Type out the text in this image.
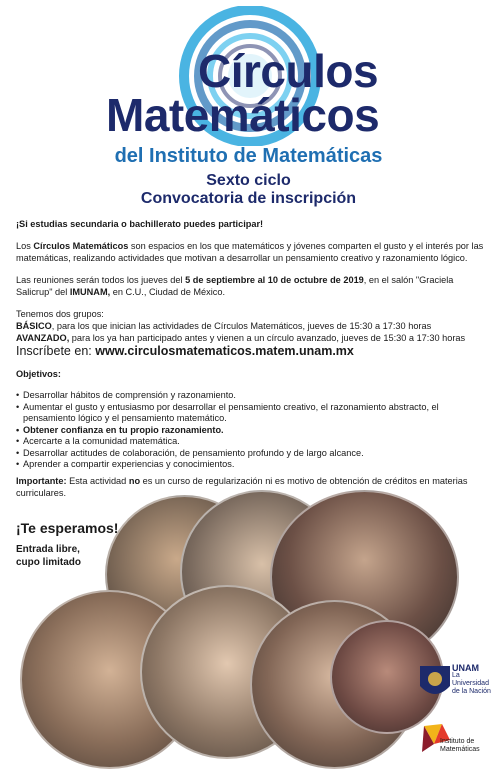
Círculos
Matemáticos
del Instituto de Matemáticas
Sexto ciclo
Convocatoria de inscripción
¡Si estudias secundaria o bachillerato puedes participar!
Los Círculos Matemáticos son espacios en los que matemáticos y jóvenes comparten el gusto y el interés por las matemáticas, realizando actividades que motivan a desarrollar un pensamiento creativo y razonamiento lógico.
Las reuniones serán todos los jueves del 5 de septiembre al 10 de octubre de 2019, en el salón "Graciela Salicrup" del IMUNAM, en C.U., Ciudad de México.
Tenemos dos grupos:
BÁSICO, para los que inician las actividades de Círculos Matemáticos, jueves de 15:30 a 17:30 horas
AVANZADO, para los ya han participado antes y vienen a un círculo avanzado, jueves de 15:30 a 17:30 horas
Inscríbete en: www.circulosmatematicos.matem.unam.mx
Objetivos:
• Desarrollar hábitos de comprensión y razonamiento.
• Aumentar el gusto y entusiasmo por desarrollar el pensamiento creativo, el razonamiento abstracto, el pensamiento lógico y el pensamiento matemático.
• Obtener confianza en tu propio razonamiento.
• Acercarte a la comunidad matemática.
• Desarrollar actitudes de colaboración, de pensamiento profundo y de largo alcance.
• Aprender a compartir experiencias y conocimientos.
Importante: Esta actividad no es un curso de regularización ni es motivo de obtención de créditos en materias curriculares.
¡Te esperamos!
Entrada libre,
cupo limitado
UNAM
La Universidad
de la Nación
Instituto de
Matemáticas
